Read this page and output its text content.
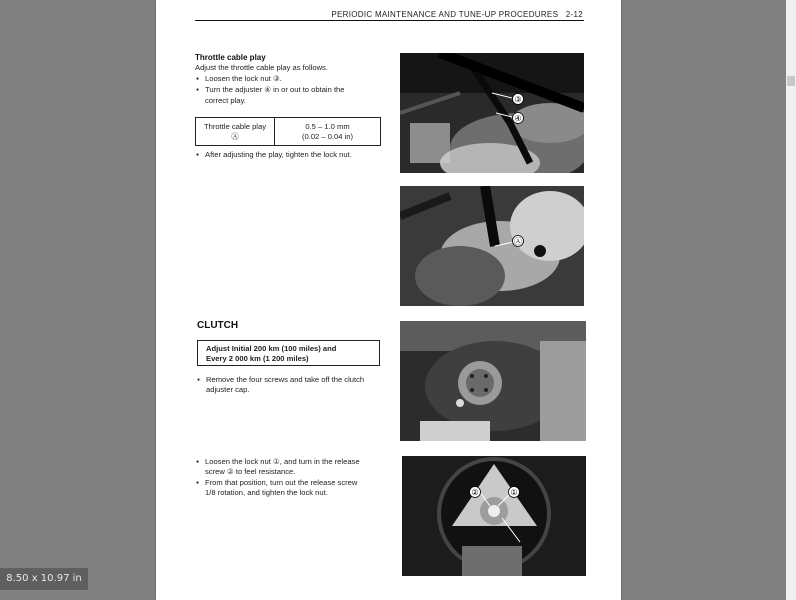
PERIODIC MAINTENANCE AND TUNE-UP PROCEDURES 2-12
Throttle cable play
Adjust the throttle cable play as follows.
● Loosen the lock nut ③.
● Turn the adjuster ④ in or out to obtain the
correct play.
Throttle cable play
Ⓐ
0.5 – 1.0 mm
(0.02 – 0.04 in)
● After adjusting the play, tighten the lock nut.
CLUTCH
Adjust Initial 200 km (100 miles) and
Every 2 000 km (1 200 miles)
● Remove the four screws and take off the clutch
adjuster cap.
● Loosen the lock nut ①, and turn in the release
screw ② to feel resistance.
● From that position, turn out the release screw
1/8 rotation, and tighten the lock nut.
③
④
Ⓐ
②	①
8.50 x 10.97 in
